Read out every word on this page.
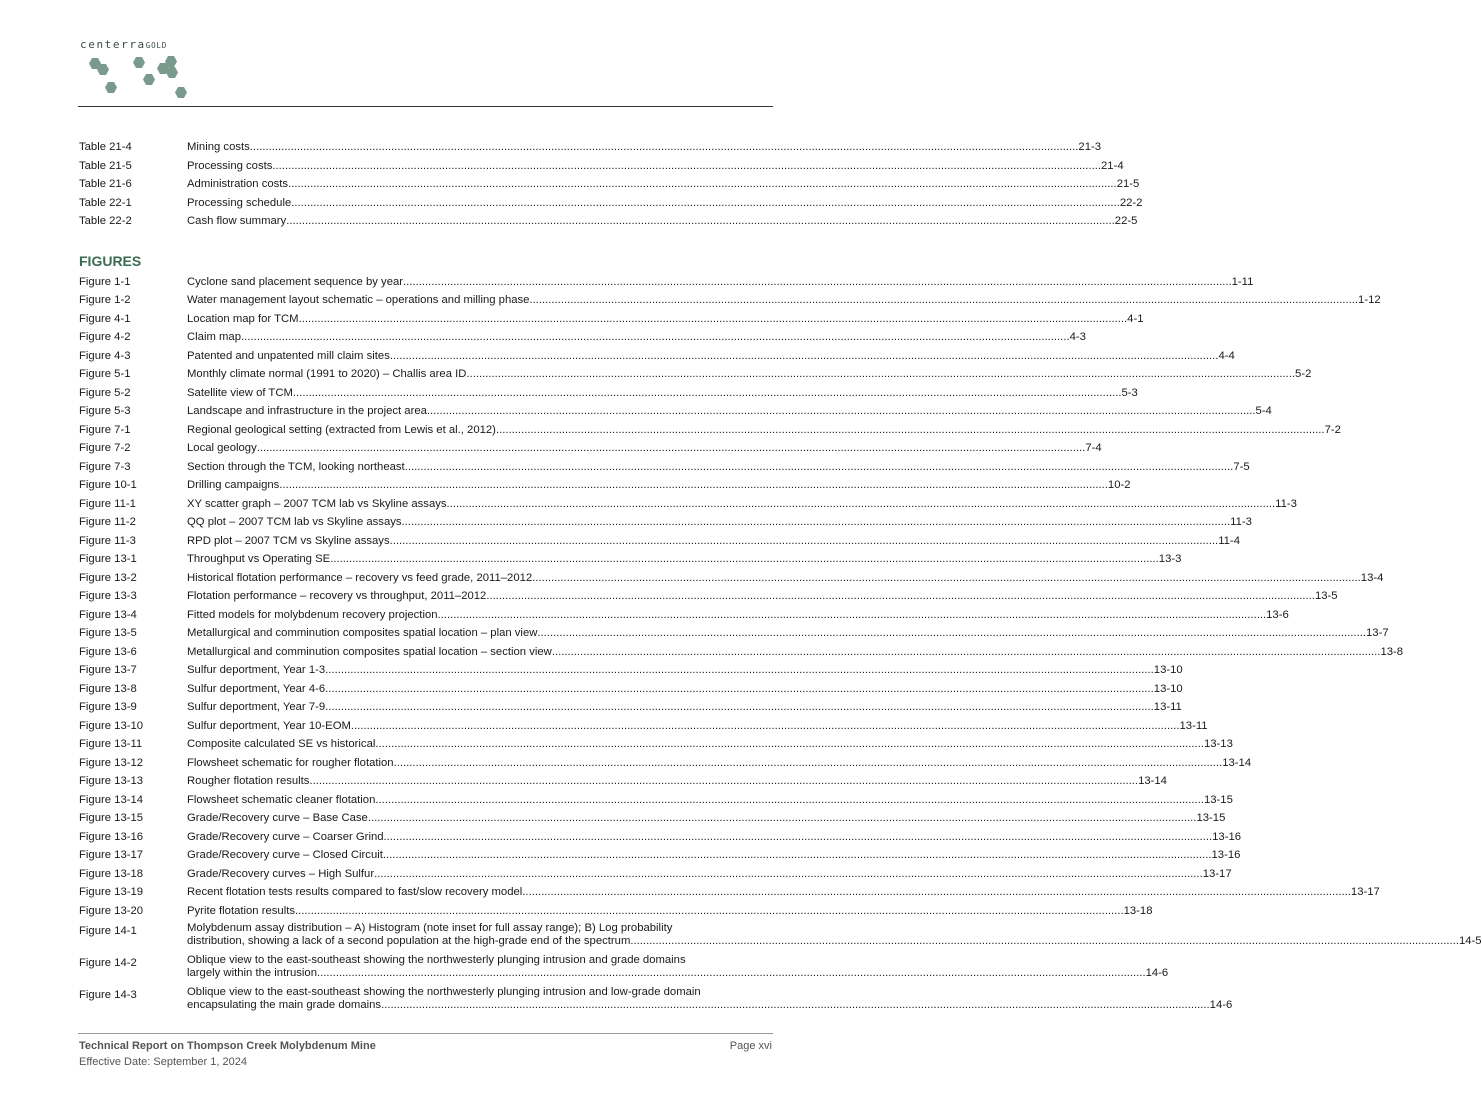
centerraGOLD
Table 21-4	Mining costs .....	21-3
Table 21-5	Processing costs .....	21-4
Table 21-6	Administration costs .....	21-5
Table 22-1	Processing schedule .....	22-2
Table 22-2	Cash flow summary .....	22-5
FIGURES
Figure 1-1	Cyclone sand placement sequence by year .....	1-11
Figure 1-2	Water management layout schematic – operations and milling phase .....	1-12
Figure 4-1	Location map for TCM .....	4-1
Figure 4-2	Claim map .....	4-3
Figure 4-3	Patented and unpatented mill claim sites .....	4-4
Figure 5-1	Monthly climate normal (1991 to 2020) – Challis area ID .....	5-2
Figure 5-2	Satellite view of TCM .....	5-3
Figure 5-3	Landscape and infrastructure in the project area .....	5-4
Figure 7-1	Regional geological setting (extracted from Lewis et al., 2012) .....	7-2
Figure 7-2	Local geology .....	7-4
Figure 7-3	Section through the TCM, looking northeast .....	7-5
Figure 10-1	Drilling campaigns .....	10-2
Figure 11-1	XY scatter graph – 2007 TCM lab vs Skyline assays .....	11-3
Figure 11-2	QQ plot – 2007 TCM lab vs Skyline assays .....	11-3
Figure 11-3	RPD plot – 2007 TCM vs Skyline assays .....	11-4
Figure 13-1	Throughput vs Operating SE .....	13-3
Figure 13-2	Historical flotation performance – recovery vs feed grade, 2011–2012 .....	13-4
Figure 13-3	Flotation performance – recovery vs throughput, 2011–2012 .....	13-5
Figure 13-4	Fitted models for molybdenum recovery projection .....	13-6
Figure 13-5	Metallurgical and comminution composites spatial location – plan view .....	13-7
Figure 13-6	Metallurgical and comminution composites spatial location – section view .....	13-8
Figure 13-7	Sulfur deportment, Year 1-3 .....	13-10
Figure 13-8	Sulfur deportment, Year 4-6 .....	13-10
Figure 13-9	Sulfur deportment, Year 7-9 .....	13-11
Figure 13-10	Sulfur deportment, Year 10-EOM .....	13-11
Figure 13-11	Composite calculated SE vs historical .....	13-13
Figure 13-12	Flowsheet schematic for rougher flotation .....	13-14
Figure 13-13	Rougher flotation results .....	13-14
Figure 13-14	Flowsheet schematic cleaner flotation .....	13-15
Figure 13-15	Grade/Recovery curve – Base Case .....	13-15
Figure 13-16	Grade/Recovery curve – Coarser Grind .....	13-16
Figure 13-17	Grade/Recovery curve – Closed Circuit .....	13-16
Figure 13-18	Grade/Recovery curves – High Sulfur .....	13-17
Figure 13-19	Recent flotation tests results compared to fast/slow recovery model .....	13-17
Figure 13-20	Pyrite flotation results .....	13-18
Figure 14-1	Molybdenum assay distribution – A) Histogram (note inset for full assay range); B) Log probability
distribution, showing a lack of a second population at the high-grade end of the spectrum .....	14-5
Figure 14-2	Oblique view to the east-southeast showing the northwesterly plunging intrusion and grade domains
largely within the intrusion .....	14-6
Figure 14-3	Oblique view to the east-southeast showing the northwesterly plunging intrusion and low-grade domain
encapsulating the main grade domains .....	14-6
Technical Report on Thompson Creek Molybdenum Mine
Effective Date: September 1, 2024
Page xvi
